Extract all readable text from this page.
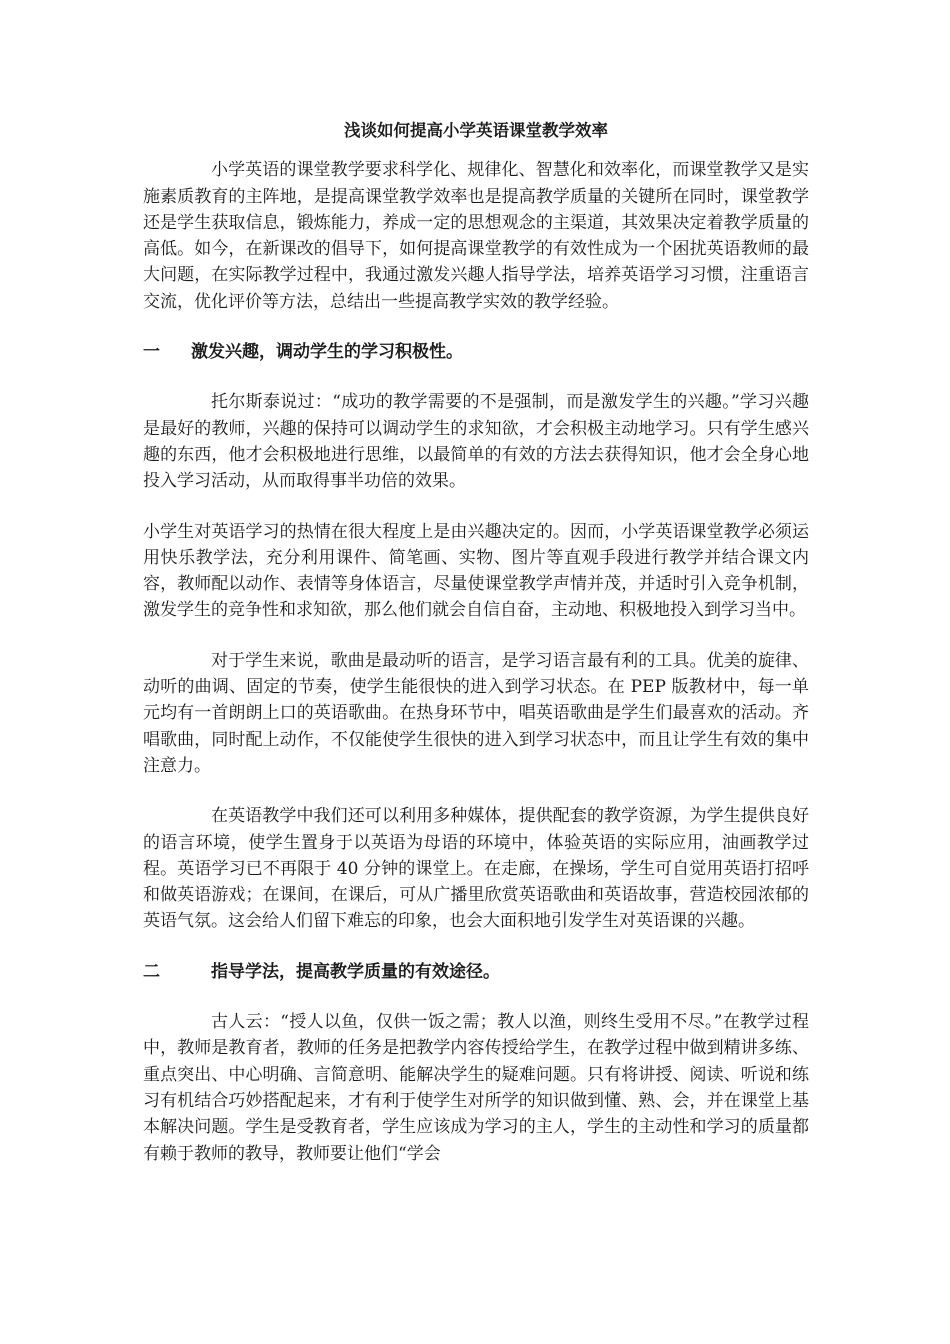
浅谈如何提高小学英语课堂教学效率

小学英语的课堂教学要求科学化、规律化、智慧化和效率化，而课堂教学又是实施素质教育的主阵地，是提高课堂教学效率也是提高教学质量的关键所在同时，课堂教学还是学生获取信息，锻炼能力，养成一定的思想观念的主渠道，其效果决定着教学质量的高低。如今，在新课改的倡导下，如何提高课堂教学的有效性成为一个困扰英语教师的最大问题，在实际教学过程中，我通过激发兴趣人指导学法，培养英语学习习惯，注重语言交流，优化评价等方法，总结出一些提高教学实效的教学经验。

一	激发兴趣，调动学生的学习积极性。

托尔斯泰说过：“成功的教学需要的不是强制，而是激发学生的兴趣。”学习兴趣是最好的教师，兴趣的保持可以调动学生的求知欲，才会积极主动地学习。只有学生感兴趣的东西，他才会积极地进行思维，以最简单的有效的方法去获得知识，他才会全身心地投入学习活动，从而取得事半功倍的效果。

小学生对英语学习的热情在很大程度上是由兴趣决定的。因而，小学英语课堂教学必须运用快乐教学法，充分利用课件、简笔画、实物、图片等直观手段进行教学并结合课文内容，教师配以动作、表情等身体语言，尽量使课堂教学声情并茂，并适时引入竞争机制，激发学生的竞争性和求知欲，那么他们就会自信自奋，主动地、积极地投入到学习当中。

对于学生来说，歌曲是最动听的语言，是学习语言最有利的工具。优美的旋律、动听的曲调、固定的节奏，使学生能很快的进入到学习状态。在 PEP 版教材中，每一单元均有一首朗朗上口的英语歌曲。在热身环节中，唱英语歌曲是学生们最喜欢的活动。齐唱歌曲，同时配上动作，不仅能使学生很快的进入到学习状态中，而且让学生有效的集中注意力。

在英语教学中我们还可以利用多种媒体，提供配套的教学资源，为学生提供良好的语言环境，使学生置身于以英语为母语的环境中，体验英语的实际应用，油画教学过程。英语学习已不再限于 40 分钟的课堂上。在走廊，在操场，学生可自觉用英语打招呼和做英语游戏；在课间，在课后，可从广播里欣赏英语歌曲和英语故事，营造校园浓郁的英语气氛。这会给人们留下难忘的印象，也会大面积地引发学生对英语课的兴趣。

二	指导学法，提高教学质量的有效途径。

古人云：“授人以鱼，仅供一饭之需；教人以渔，则终生受用不尽。”在教学过程中，教师是教育者，教师的任务是把教学内容传授给学生，在教学过程中做到精讲多练、重点突出、中心明确、言简意明、能解决学生的疑难问题。只有将讲授、阅读、听说和练习有机结合巧妙搭配起来，才有利于使学生对所学的知识做到懂、熟、会，并在课堂上基本解决问题。学生是受教育者，学生应该成为学习的主人，学生的主动性和学习的质量都有赖于教师的教导，教师要让他们“学会
